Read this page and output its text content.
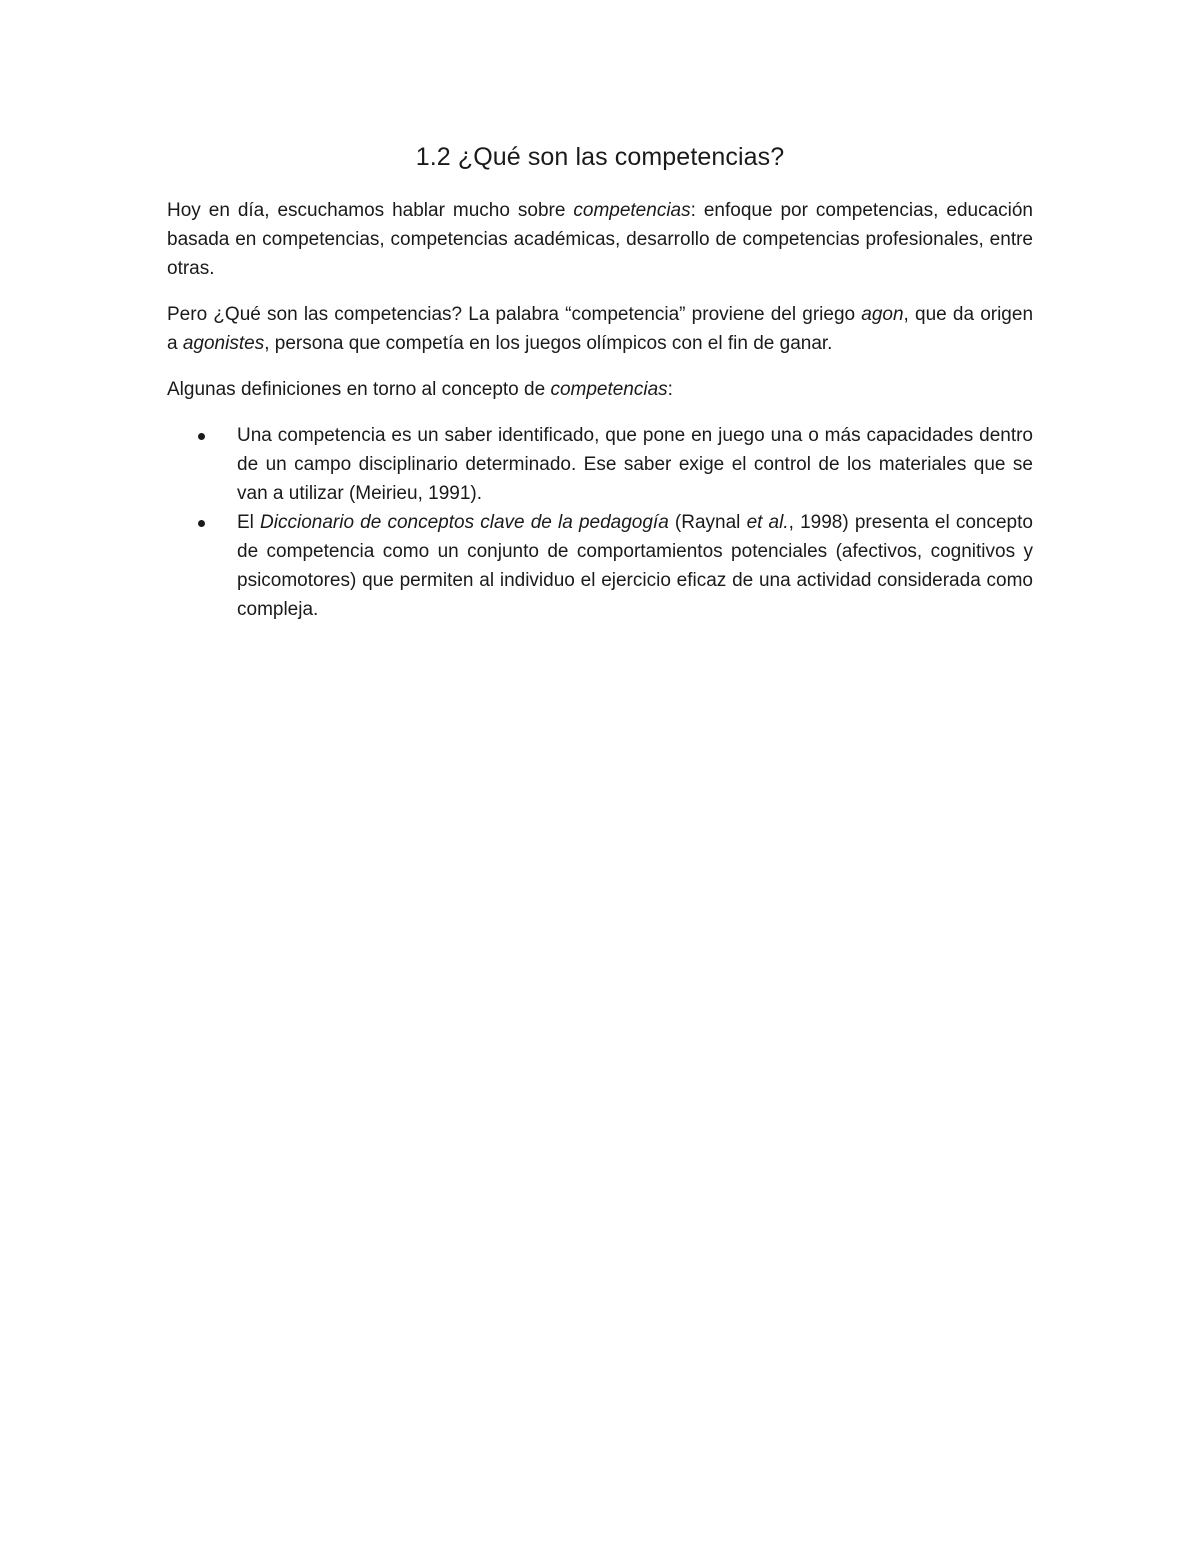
1.2 ¿Qué son las competencias?

Hoy en día, escuchamos hablar mucho sobre competencias: enfoque por competencias, educación basada en competencias, competencias académicas, desarrollo de competencias profesionales, entre otras.

Pero ¿Qué son las competencias? La palabra “competencia” proviene del griego agon, que da origen a agonistes, persona que competía en los juegos olímpicos con el fin de ganar.

Algunas definiciones en torno al concepto de competencias:

Una competencia es un saber identificado, que pone en juego una o más capacidades dentro de un campo disciplinario determinado. Ese saber exige el control de los materiales que se van a utilizar (Meirieu, 1991).
El Diccionario de conceptos clave de la pedagogía (Raynal et al., 1998) presenta el concepto de competencia como un conjunto de comportamientos potenciales (afectivos, cognitivos y psicomotores) que permiten al individuo el ejercicio eficaz de una actividad considerada como compleja.
